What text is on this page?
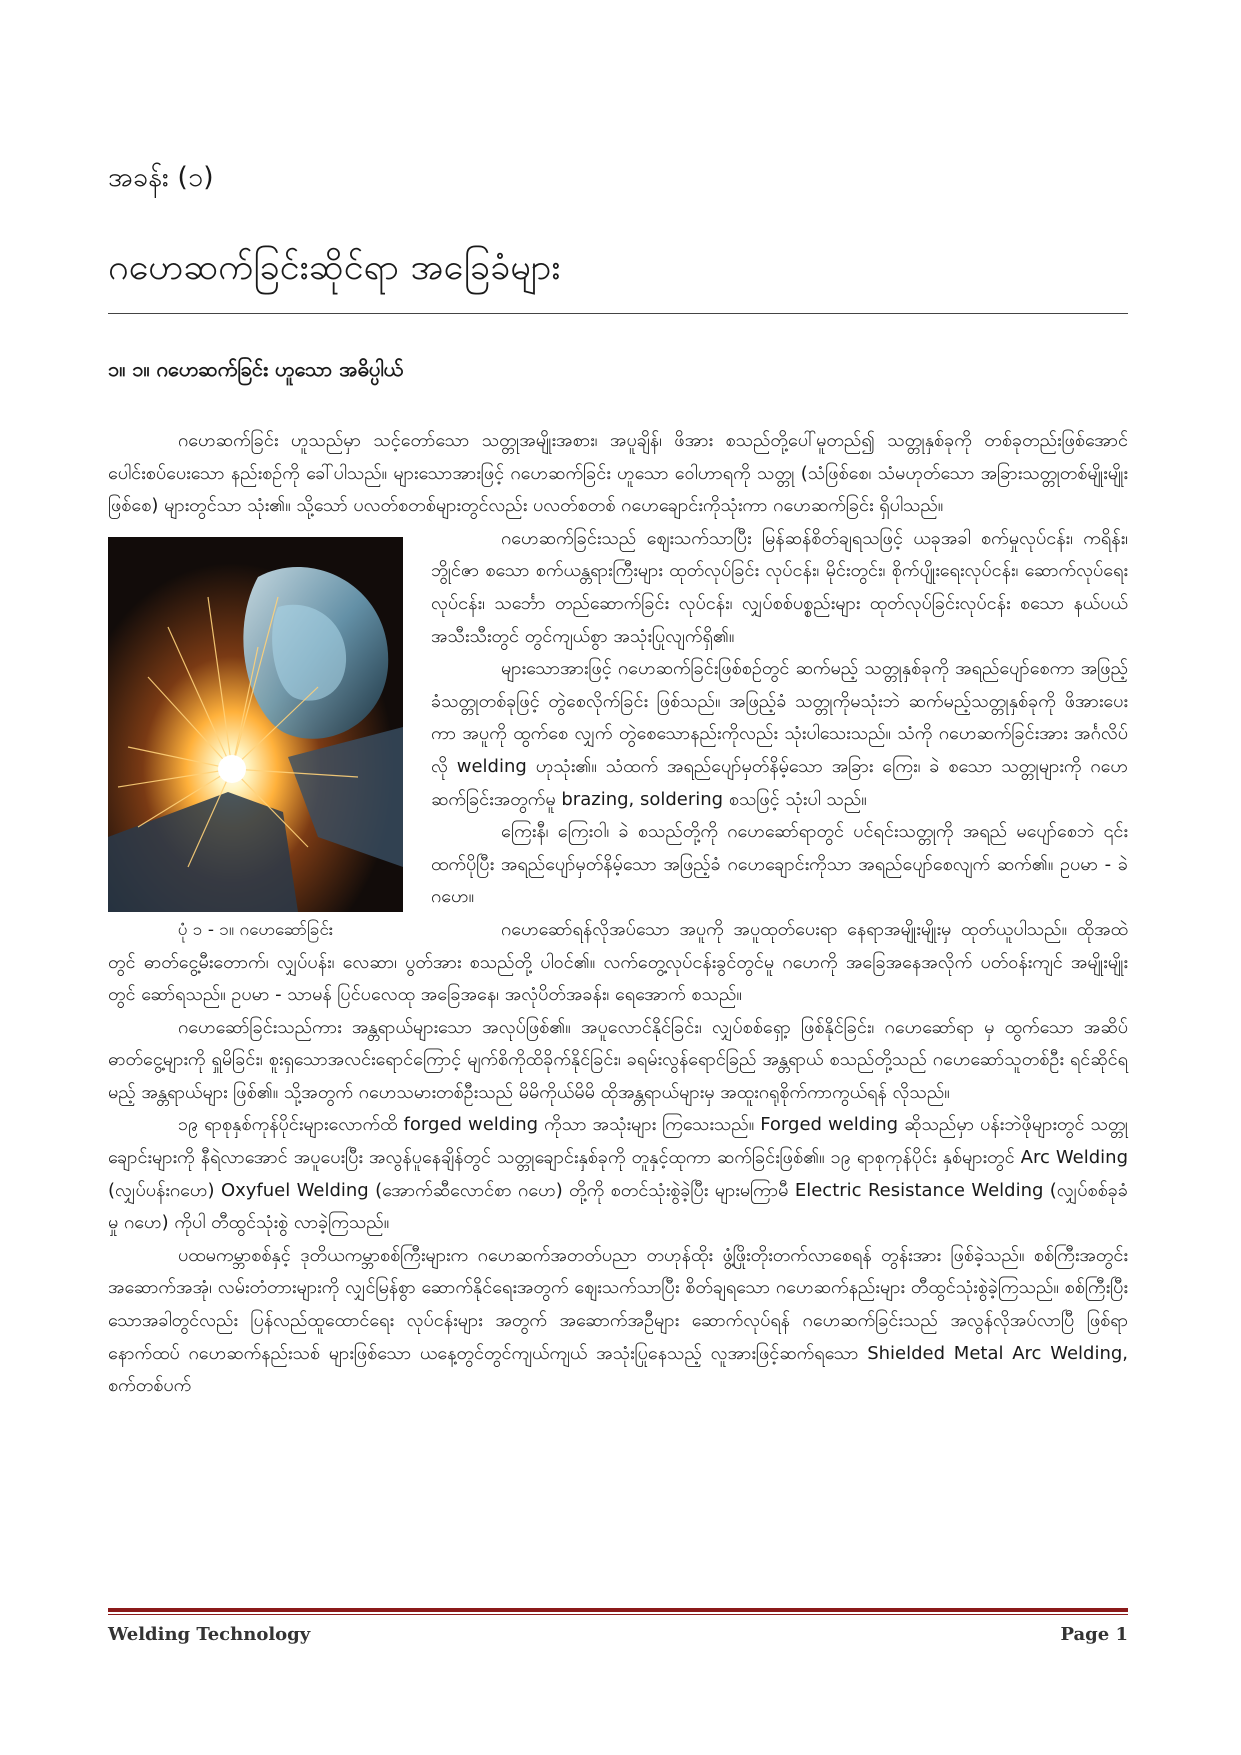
အခန်း (၁)
ဂဟေဆက်ခြင်းဆိုင်ရာ အခြေခံများ
၁။ ၁။ ဂဟေဆက်ခြင်း ဟူသော အဓိပ္ပါယ်

ဂဟေဆက်ခြင်း ဟူသည်မှာ သင့်တော်သော သတ္တုအမျိုးအစား၊ အပူချိန်၊ ဖိအား စသည်တို့ပေါ်မူတည်၍ သတ္တုနှစ်ခုကို တစ်ခုတည်းဖြစ်အောင် ပေါင်းစပ်ပေးသော နည်းစဉ်ကို ခေါ်ပါသည်။ များသောအားဖြင့် ဂဟေဆက်ခြင်း ဟူသော ဝေါဟာရကို သတ္တု (သံဖြစ်စေ၊ သံမဟုတ်သော အခြားသတ္တုတစ်မျိုးမျိုးဖြစ်စေ) များတွင်သာ သုံး၏။ သို့သော် ပလတ်စတစ်များတွင်လည်း ပလတ်စတစ် ဂဟေချောင်းကိုသုံးကာ ဂဟေဆက်ခြင်း ရှိပါသည်။

ပုံ ၁ - ၁။ ဂဟေဆော်ခြင်း

ဂဟေဆက်ခြင်းသည် စျေးသက်သာပြီး မြန်ဆန်စိတ်ချရသဖြင့် ယခုအခါ စက်မှုလုပ်ငန်း၊ ကရိန်း၊ ဘွိုင်ဇာ စသော စက်ယန္တရားကြီးများ ထုတ်လုပ်ခြင်း လုပ်ငန်း၊ မိုင်းတွင်း၊ စိုက်ပျိုးရေးလုပ်ငန်း၊ ဆောက်လုပ်ရေး လုပ်ငန်း၊ သင်္ဘော တည်ဆောက်ခြင်း လုပ်ငန်း၊ လျှပ်စစ်ပစ္စည်းများ ထုတ်လုပ်ခြင်းလုပ်ငန်း စသော နယ်ပယ်အသီးသီးတွင် တွင်ကျယ်စွာ အသုံးပြုလျက်ရှိ၏။

များသောအားဖြင့် ဂဟေဆက်ခြင်းဖြစ်စဉ်တွင် ဆက်မည့် သတ္တုနှစ်ခုကို အရည်ပျော်စေကာ အဖြည့်ခံသတ္တုတစ်ခုဖြင့် တွဲစေလိုက်ခြင်း ဖြစ်သည်။ အဖြည့်ခံ သတ္တုကိုမသုံးဘဲ ဆက်မည့်သတ္တုနှစ်ခုကို ဖိအားပေးကာ အပူကို ထွက်စေ လျှက် တွဲစေသောနည်းကိုလည်း သုံးပါသေးသည်။ သံကို ဂဟေဆက်ခြင်းအား အင်္ဂလိပ်လို welding ဟုသုံး၏။ သံထက် အရည်ပျော်မှတ်နိမ့်သော အခြား ကြေး၊ ခဲ စသော သတ္တုများကို ဂဟေဆက်ခြင်းအတွက်မူ brazing, soldering စသဖြင့် သုံးပါ သည်။

ကြေးနီ၊ ကြေးဝါ၊ ခဲ စသည်တို့ကို ဂဟေဆော်ရာတွင် ပင်ရင်းသတ္တုကို အရည် မပျော်စေဘဲ ၎င်းထက်ပိုပြီး အရည်ပျော်မှတ်နိမ့်သော အဖြည့်ခံ ဂဟေချောင်းကိုသာ အရည်ပျော်စေလျက် ဆက်၏။ ဥပမာ - ခဲဂဟေ။

ဂဟေဆော်ရန်လိုအပ်သော အပူကို အပူထုတ်ပေးရာ နေရာအမျိုးမျိုးမှ ထုတ်ယူပါသည်။ ထိုအထဲတွင် ဓာတ်ငွေ့မီးတောက်၊ လျှပ်ပန်း၊ လေဆာ၊ ပွတ်အား စသည်တို့ ပါဝင်၏။ လက်တွေ့လုပ်ငန်းခွင်တွင်မူ ဂဟေကို အခြေအနေအလိုက် ပတ်ဝန်းကျင် အမျိုးမျိုး တွင် ဆော်ရသည်။ ဥပမာ - သာမန် ပြင်ပလေထု အခြေအနေ၊ အလုံပိတ်အခန်း၊ ရေအောက် စသည်။

ဂဟေဆော်ခြင်းသည်ကား အန္တရာယ်များသော အလုပ်ဖြစ်၏။ အပူလောင်နိုင်ခြင်း၊ လျှပ်စစ်ရှော့ ဖြစ်နိုင်ခြင်း၊ ဂဟေဆော်ရာ မှ ထွက်သော အဆိပ်ဓာတ်ငွေ့များကို ရှူမိခြင်း၊ စူးရှသောအလင်းရောင်ကြောင့် မျက်စိကိုထိခိုက်နိုင်ခြင်း၊ ခရမ်းလွန်ရောင်ခြည် အန္တရာယ် စသည်တို့သည် ဂဟေဆော်သူတစ်ဦး ရင်ဆိုင်ရမည့် အန္တရာယ်များ ဖြစ်၏။ သို့အတွက် ဂဟေသမားတစ်ဦးသည် မိမိကိုယ်မိမိ ထိုအန္တရာယ်များမှ အထူးဂရုစိုက်ကာကွယ်ရန် လိုသည်။

၁၉ ရာစုနှစ်ကုန်ပိုင်းများလောက်ထိ forged welding ကိုသာ အသုံးများ ကြသေးသည်။ Forged welding ဆိုသည်မှာ ပန်းဘဲဖိုများတွင် သတ္တုချောင်းများကို နီရဲလာအောင် အပူပေးပြီး အလွန်ပူနေချိန်တွင် သတ္တုချောင်းနှစ်ခုကို တူနှင့်ထုကာ ဆက်ခြင်းဖြစ်၏။ ၁၉ ရာစုကုန်ပိုင်း နှစ်များတွင် Arc Welding (လျှပ်ပန်းဂဟေ) Oxyfuel Welding (အောက်ဆီလောင်စာ ဂဟေ) တို့ကို စတင်သုံးစွဲခဲ့ပြီး များမကြာမီ Electric Resistance Welding (လျှပ်စစ်ခုခံမှု ဂဟေ) ကိုပါ တီထွင်သုံးစွဲ လာခဲ့ကြသည်။

ပထမကမ္ဘာစစ်နှင့် ဒုတိယကမ္ဘာစစ်ကြီးများက ဂဟေဆက်အတတ်ပညာ တဟုန်ထိုး ဖွံ့ဖြိုးတိုးတက်လာစေရန် တွန်းအား ဖြစ်ခဲ့သည်။ စစ်ကြီးအတွင်း အဆောက်အအုံ၊ လမ်းတံတားများကို လျှင်မြန်စွာ ဆောက်နိုင်ရေးအတွက် စျေးသက်သာပြီး စိတ်ချရသော ဂဟေဆက်နည်းများ တီထွင်သုံးစွဲခဲ့ကြသည်။ စစ်ကြီးပြီးသောအခါတွင်လည်း ပြန်လည်ထူထောင်ရေး လုပ်ငန်းများ အတွက် အဆောက်အဦများ ဆောက်လုပ်ရန် ဂဟေဆက်ခြင်းသည် အလွန်လိုအပ်လာပြီ ဖြစ်ရာ နောက်ထပ် ဂဟေဆက်နည်းသစ် များဖြစ်သော ယနေ့တွင်တွင်ကျယ်ကျယ် အသုံးပြုနေသည့် လူအားဖြင့်ဆက်ရသော Shielded Metal Arc Welding, စက်တစ်ပက်

Welding Technology	Page 1
